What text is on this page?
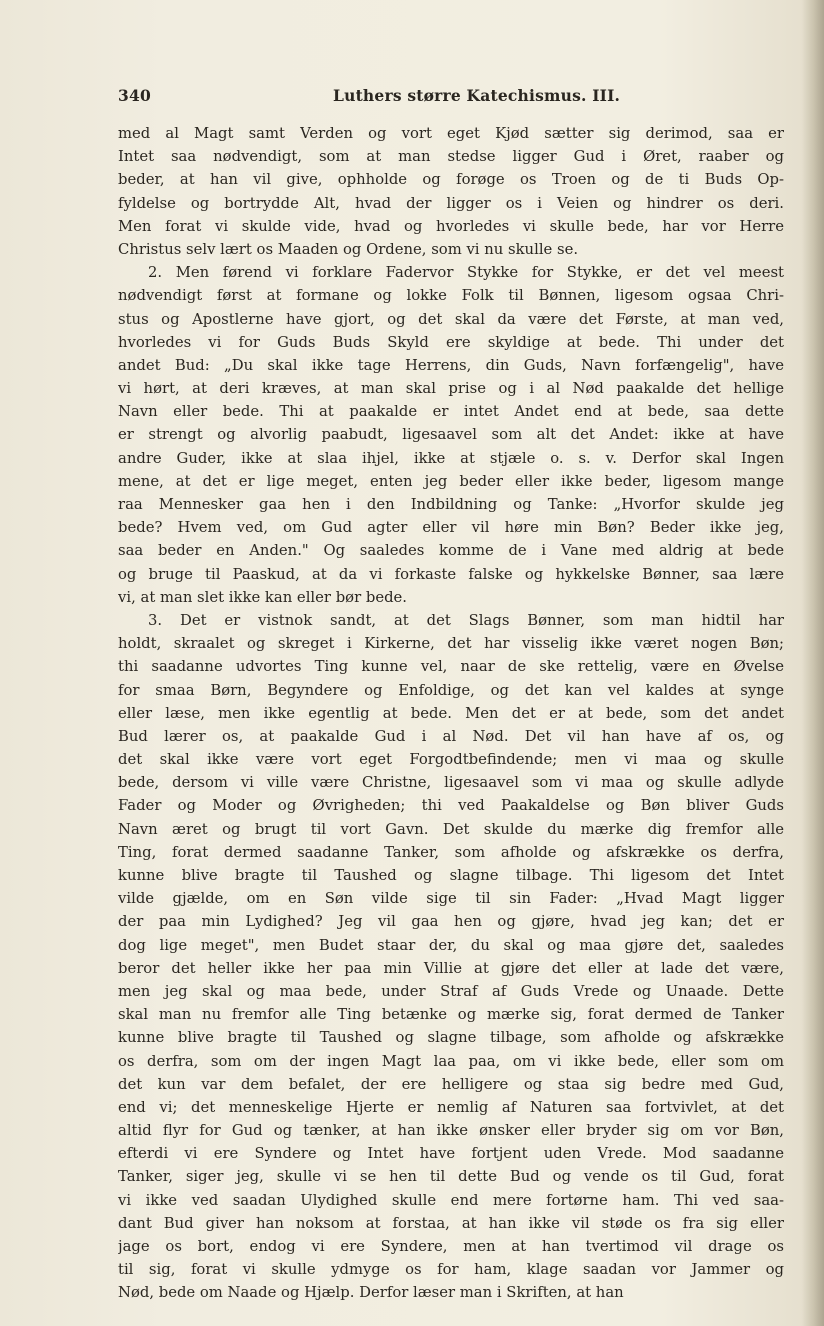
340	Luthers større Katechismus. III.
med al Magt samt Verden og vort eget Kjød sætter sig derimod, saa er
Intet saa nødvendigt, som at man stedse ligger Gud i Øret, raaber og
beder, at han vil give, ophholde og forøge os Troen og de ti Buds Op-
fyldelse og bortrydde Alt, hvad der ligger os i Veien og hindrer os deri.
Men forat vi skulde vide, hvad og hvorledes vi skulle bede, har vor Herre
Christus selv lært os Maaden og Ordene, som vi nu skulle se.
2. Men førend vi forklare Fadervor Stykke for Stykke, er det vel meest
nødvendigt først at formane og lokke Folk til Bønnen, ligesom ogsaa Chri-
stus og Apostlerne have gjort, og det skal da være det Første, at man ved,
hvorledes vi for Guds Buds Skyld ere skyldige at bede. Thi under det
andet Bud: „Du skal ikke tage Herrens, din Guds, Navn forfængelig", have
vi hørt, at deri kræves, at man skal prise og i al Nød paakalde det hellige
Navn eller bede. Thi at paakalde er intet Andet end at bede, saa dette
er strengt og alvorlig paabudt, ligesaavel som alt det Andet: ikke at have
andre Guder, ikke at slaa ihjel, ikke at stjæle o. s. v. Derfor skal Ingen
mene, at det er lige meget, enten jeg beder eller ikke beder, ligesom mange
raa Mennesker gaa hen i den Indbildning og Tanke: „Hvorfor skulde jeg
bede? Hvem ved, om Gud agter eller vil høre min Bøn? Beder ikke jeg,
saa beder en Anden." Og saaledes komme de i Vane med aldrig at bede
og bruge til Paaskud, at da vi forkaste falske og hykkelske Bønner, saa lære
vi, at man slet ikke kan eller bør bede.
3. Det er vistnok sandt, at det Slags Bønner, som man hidtil har
holdt, skraalet og skreget i Kirkerne, det har visselig ikke været nogen Bøn;
thi saadanne udvortes Ting kunne vel, naar de ske rettelig, være en Øvelse
for smaa Børn, Begyndere og Enfoldige, og det kan vel kaldes at synge
eller læse, men ikke egentlig at bede. Men det er at bede, som det andet
Bud lærer os, at paakalde Gud i al Nød. Det vil han have af os, og
det skal ikke være vort eget Forgodtbefindende; men vi maa og skulle
bede, dersom vi ville være Christne, ligesaavel som vi maa og skulle adlyde
Fader og Moder og Øvrigheden; thi ved Paakaldelse og Bøn bliver Guds
Navn æret og brugt til vort Gavn. Det skulde du mærke dig fremfor alle
Ting, forat dermed saadanne Tanker, som afholde og afskrække os derfra,
kunne blive bragte til Taushed og slagne tilbage. Thi ligesom det Intet
vilde gjælde, om en Søn vilde sige til sin Fader: „Hvad Magt ligger
der paa min Lydighed? Jeg vil gaa hen og gjøre, hvad jeg kan; det er
dog lige meget", men Budet staar der, du skal og maa gjøre det, saaledes
beror det heller ikke her paa min Villie at gjøre det eller at lade det være,
men jeg skal og maa bede, under Straf af Guds Vrede og Unaade. Dette
skal man nu fremfor alle Ting betænke og mærke sig, forat dermed de Tanker
kunne blive bragte til Taushed og slagne tilbage, som afholde og afskrække
os derfra, som om der ingen Magt laa paa, om vi ikke bede, eller som om
det kun var dem befalet, der ere helligere og staa sig bedre med Gud,
end vi; det menneskelige Hjerte er nemlig af Naturen saa fortvivlet, at det
altid flyr for Gud og tænker, at han ikke ønsker eller bryder sig om vor Bøn,
efterdi vi ere Syndere og Intet have fortjent uden Vrede. Mod saadanne
Tanker, siger jeg, skulle vi se hen til dette Bud og vende os til Gud, forat
vi ikke ved saadan Ulydighed skulle end mere fortørne ham. Thi ved saa-
dant Bud giver han noksom at forstaa, at han ikke vil støde os fra sig eller
jage os bort, endog vi ere Syndere, men at han tvertimod vil drage os
til sig, forat vi skulle ydmyge os for ham, klage saadan vor Jammer og
Nød, bede om Naade og Hjælp. Derfor læser man i Skriften, at han
